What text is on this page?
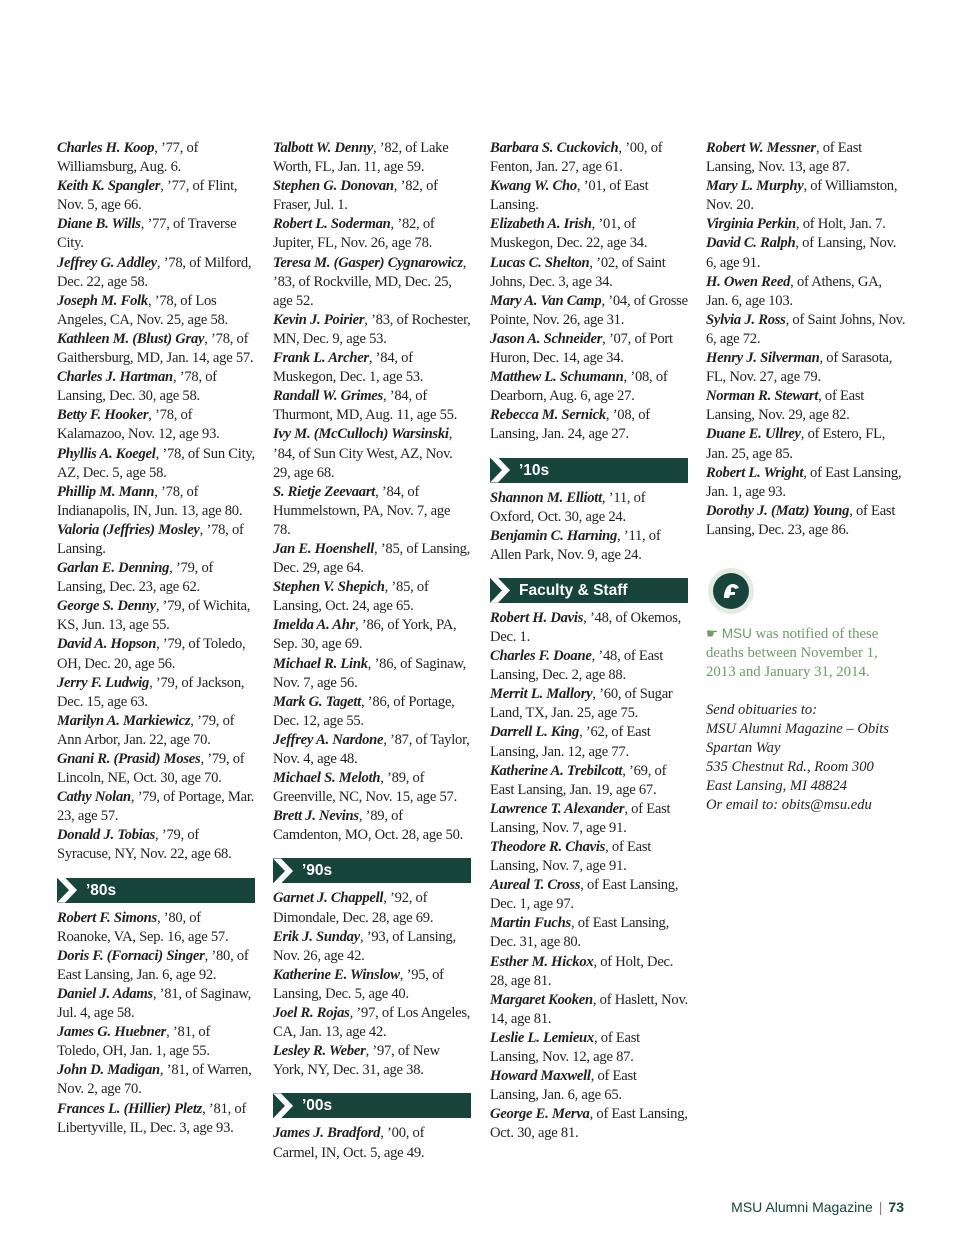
Charles H. Koop, ’77, of Williamsburg, Aug. 6.
Keith K. Spangler, ’77, of Flint, Nov. 5, age 66.
Diane B. Wills, ’77, of Traverse City.
Jeffrey G. Addley, ’78, of Milford, Dec. 22, age 58.
Joseph M. Folk, ’78, of Los Angeles, CA, Nov. 25, age 58.
Kathleen M. (Blust) Gray, ’78, of Gaithersburg, MD, Jan. 14, age 57.
Charles J. Hartman, ’78, of Lansing, Dec. 30, age 58.
Betty F. Hooker, ’78, of Kalamazoo, Nov. 12, age 93.
Phyllis A. Koegel, ’78, of Sun City, AZ, Dec. 5, age 58.
Phillip M. Mann, ’78, of Indianapolis, IN, Jun. 13, age 80.
Valoria (Jeffries) Mosley, ’78, of Lansing.
Garlan E. Denning, ’79, of Lansing, Dec. 23, age 62.
George S. Denny, ’79, of Wichita, KS, Jun. 13, age 55.
David A. Hopson, ’79, of Toledo, OH, Dec. 20, age 56.
Jerry F. Ludwig, ’79, of Jackson, Dec. 15, age 63.
Marilyn A. Markiewicz, ’79, of Ann Arbor, Jan. 22, age 70.
Gnani R. (Prasid) Moses, ’79, of Lincoln, NE, Oct. 30, age 70.
Cathy Nolan, ’79, of Portage, Mar. 23, age 57.
Donald J. Tobias, ’79, of Syracuse, NY, Nov. 22, age 68.
’80s
Robert F. Simons, ’80, of Roanoke, VA, Sep. 16, age 57.
Doris F. (Fornaci) Singer, ’80, of East Lansing, Jan. 6, age 92.
Daniel J. Adams, ’81, of Saginaw, Jul. 4, age 58.
James G. Huebner, ’81, of Toledo, OH, Jan. 1, age 55.
John D. Madigan, ’81, of Warren, Nov. 2, age 70.
Frances L. (Hillier) Pletz, ’81, of Libertyville, IL, Dec. 3, age 93.
Talbott W. Denny, ’82, of Lake Worth, FL, Jan. 11, age 59.
Stephen G. Donovan, ’82, of Fraser, Jul. 1.
Robert L. Soderman, ’82, of Jupiter, FL, Nov. 26, age 78.
Teresa M. (Gasper) Cygnarowicz, ’83, of Rockville, MD, Dec. 25, age 52.
Kevin J. Poirier, ’83, of Rochester, MN, Dec. 9, age 53.
Frank L. Archer, ’84, of Muskegon, Dec. 1, age 53.
Randall W. Grimes, ’84, of Thurmont, MD, Aug. 11, age 55.
Ivy M. (McCulloch) Warsinski, ’84, of Sun City West, AZ, Nov. 29, age 68.
S. Rietje Zeevaart, ’84, of Hummelstown, PA, Nov. 7, age 78.
Jan E. Hoenshell, ’85, of Lansing, Dec. 29, age 64.
Stephen V. Shepich, ’85, of Lansing, Oct. 24, age 65.
Imelda A. Ahr, ’86, of York, PA, Sep. 30, age 69.
Michael R. Link, ’86, of Saginaw, Nov. 7, age 56.
Mark G. Tagett, ’86, of Portage, Dec. 12, age 55.
Jeffrey A. Nardone, ’87, of Taylor, Nov. 4, age 48.
Michael S. Meloth, ’89, of Greenville, NC, Nov. 15, age 57.
Brett J. Nevins, ’89, of Camdenton, MO, Oct. 28, age 50.
’90s
Garnet J. Chappell, ’92, of Dimondale, Dec. 28, age 69.
Erik J. Sunday, ’93, of Lansing, Nov. 26, age 42.
Katherine E. Winslow, ’95, of Lansing, Dec. 5, age 40.
Joel R. Rojas, ’97, of Los Angeles, CA, Jan. 13, age 42.
Lesley R. Weber, ’97, of New York, NY, Dec. 31, age 38.
’00s
James J. Bradford, ’00, of Carmel, IN, Oct. 5, age 49.
Barbara S. Cuckovich, ’00, of Fenton, Jan. 27, age 61.
Kwang W. Cho, ’01, of East Lansing.
Elizabeth A. Irish, ’01, of Muskegon, Dec. 22, age 34.
Lucas C. Shelton, ’02, of Saint Johns, Dec. 3, age 34.
Mary A. Van Camp, ’04, of Grosse Pointe, Nov. 26, age 31.
Jason A. Schneider, ’07, of Port Huron, Dec. 14, age 34.
Matthew L. Schumann, ’08, of Dearborn, Aug. 6, age 27.
Rebecca M. Sernick, ’08, of Lansing, Jan. 24, age 27.
’10s
Shannon M. Elliott, ’11, of Oxford, Oct. 30, age 24.
Benjamin C. Harning, ’11, of Allen Park, Nov. 9, age 24.
Faculty & Staff
Robert H. Davis, ’48, of Okemos, Dec. 1.
Charles F. Doane, ’48, of East Lansing, Dec. 2, age 88.
Merrit L. Mallory, ’60, of Sugar Land, TX, Jan. 25, age 75.
Darrell L. King, ’62, of East Lansing, Jan. 12, age 77.
Katherine A. Trebilcott, ’69, of East Lansing, Jan. 19, age 67.
Lawrence T. Alexander, of East Lansing, Nov. 7, age 91.
Theodore R. Chavis, of East Lansing, Nov. 7, age 91.
Aureal T. Cross, of East Lansing, Dec. 1, age 97.
Martin Fuchs, of East Lansing, Dec. 31, age 80.
Esther M. Hickox, of Holt, Dec. 28, age 81.
Margaret Kooken, of Haslett, Nov. 14, age 81.
Leslie L. Lemieux, of East Lansing, Nov. 12, age 87.
Howard Maxwell, of East Lansing, Jan. 6, age 65.
George E. Merva, of East Lansing, Oct. 30, age 81.
Robert W. Messner, of East Lansing, Nov. 13, age 87.
Mary L. Murphy, of Williamston, Nov. 20.
Virginia Perkin, of Holt, Jan. 7.
David C. Ralph, of Lansing, Nov. 6, age 91.
H. Owen Reed, of Athens, GA, Jan. 6, age 103.
Sylvia J. Ross, of Saint Johns, Nov. 6, age 72.
Henry J. Silverman, of Sarasota, FL, Nov. 27, age 79.
Norman R. Stewart, of East Lansing, Nov. 29, age 82.
Duane E. Ullrey, of Estero, FL, Jan. 25, age 85.
Robert L. Wright, of East Lansing, Jan. 1, age 93.
Dorothy J. (Matz) Young, of East Lansing, Dec. 23, age 86.
☛ MSU was notified of these deaths between November 1, 2013 and January 31, 2014.
Send obituaries to:
MSU Alumni Magazine – Obits
Spartan Way
535 Chestnut Rd., Room 300
East Lansing, MI 48824
Or email to: obits@msu.edu
MSU Alumni Magazine | 73
